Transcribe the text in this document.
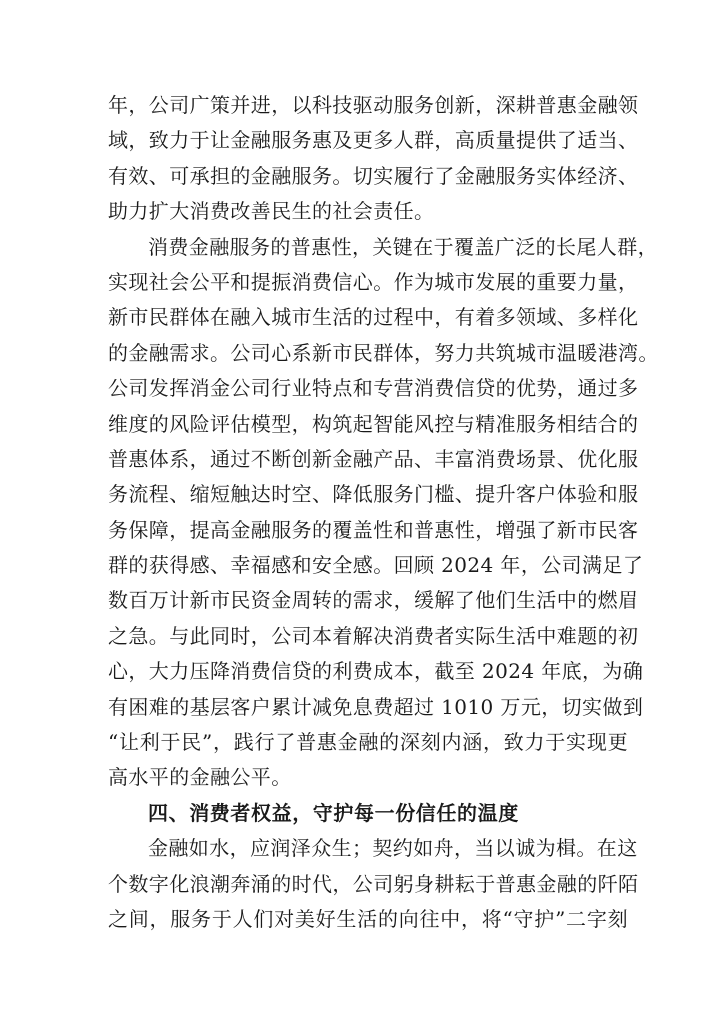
年，公司广策并进，以科技驱动服务创新，深耕普惠金融领
域，致力于让金融服务惠及更多人群，高质量提供了适当、
有效、可承担的金融服务。切实履行了金融服务实体经济、
助力扩大消费改善民生的社会责任。
消费金融服务的普惠性，关键在于覆盖广泛的长尾人群，
实现社会公平和提振消费信心。作为城市发展的重要力量，
新市民群体在融入城市生活的过程中，有着多领域、多样化
的金融需求。公司心系新市民群体，努力共筑城市温暖港湾。
公司发挥消金公司行业特点和专营消费信贷的优势，通过多
维度的风险评估模型，构筑起智能风控与精准服务相结合的
普惠体系，通过不断创新金融产品、丰富消费场景、优化服
务流程、缩短触达时空、降低服务门槛、提升客户体验和服
务保障，提高金融服务的覆盖性和普惠性，增强了新市民客
群的获得感、幸福感和安全感。回顾 2024 年，公司满足了
数百万计新市民资金周转的需求，缓解了他们生活中的燃眉
之急。与此同时，公司本着解决消费者实际生活中难题的初
心，大力压降消费信贷的利费成本，截至 2024 年底，为确
有困难的基层客户累计减免息费超过 1010 万元，切实做到
“让利于民”，践行了普惠金融的深刻内涵，致力于实现更
高水平的金融公平。
四、消费者权益，守护每一份信任的温度
金融如水，应润泽众生；契约如舟，当以诚为楫。在这
个数字化浪潮奔涌的时代，公司躬身耕耘于普惠金融的阡陌
之间，服务于人们对美好生活的向往中，将“守护”二字刻
